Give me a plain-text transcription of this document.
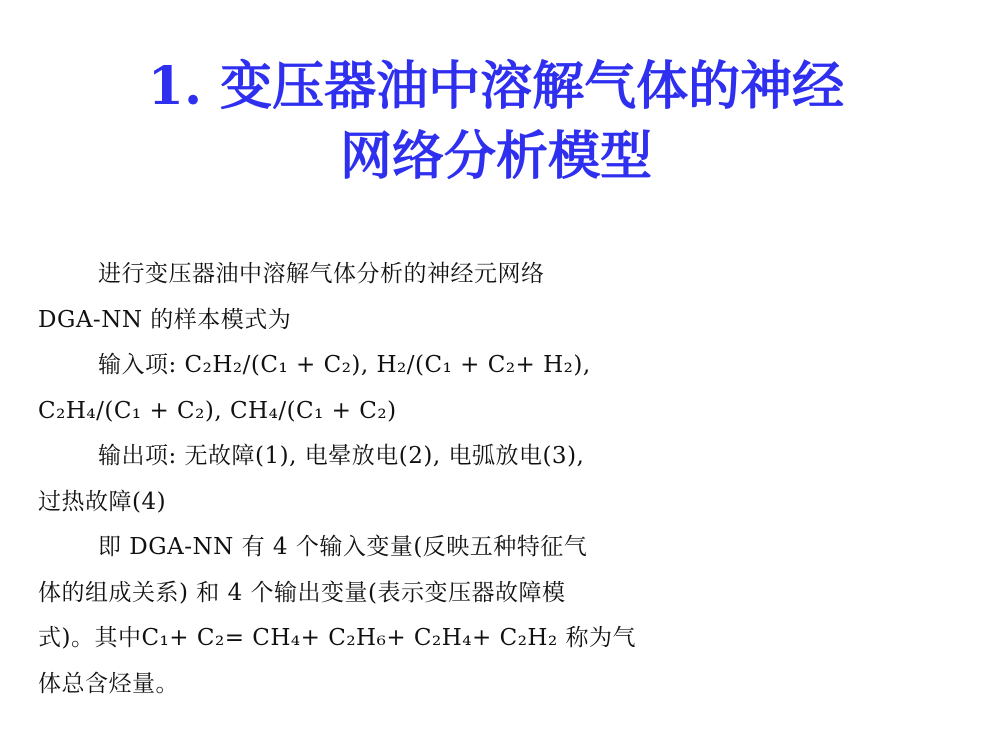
1. 变压器油中溶解气体的神经
网络分析模型
进行变压器油中溶解气体分析的神经元网络
DGA-NN 的样本模式为
输入项: C₂H₂/(C₁ + C₂), H₂/(C₁ + C₂+ H₂),
C₂H₄/(C₁ + C₂), CH₄/(C₁ + C₂)
输出项: 无故障(1), 电晕放电(2), 电弧放电(3),
过热故障(4)
即 DGA-NN 有 4 个输入变量(反映五种特征气
体的组成关系) 和 4 个输出变量(表示变压器故障模
式)。其中C₁+ C₂= CH₄+ C₂H₆+ C₂H₄+ C₂H₂ 称为气
体总含烃量。
